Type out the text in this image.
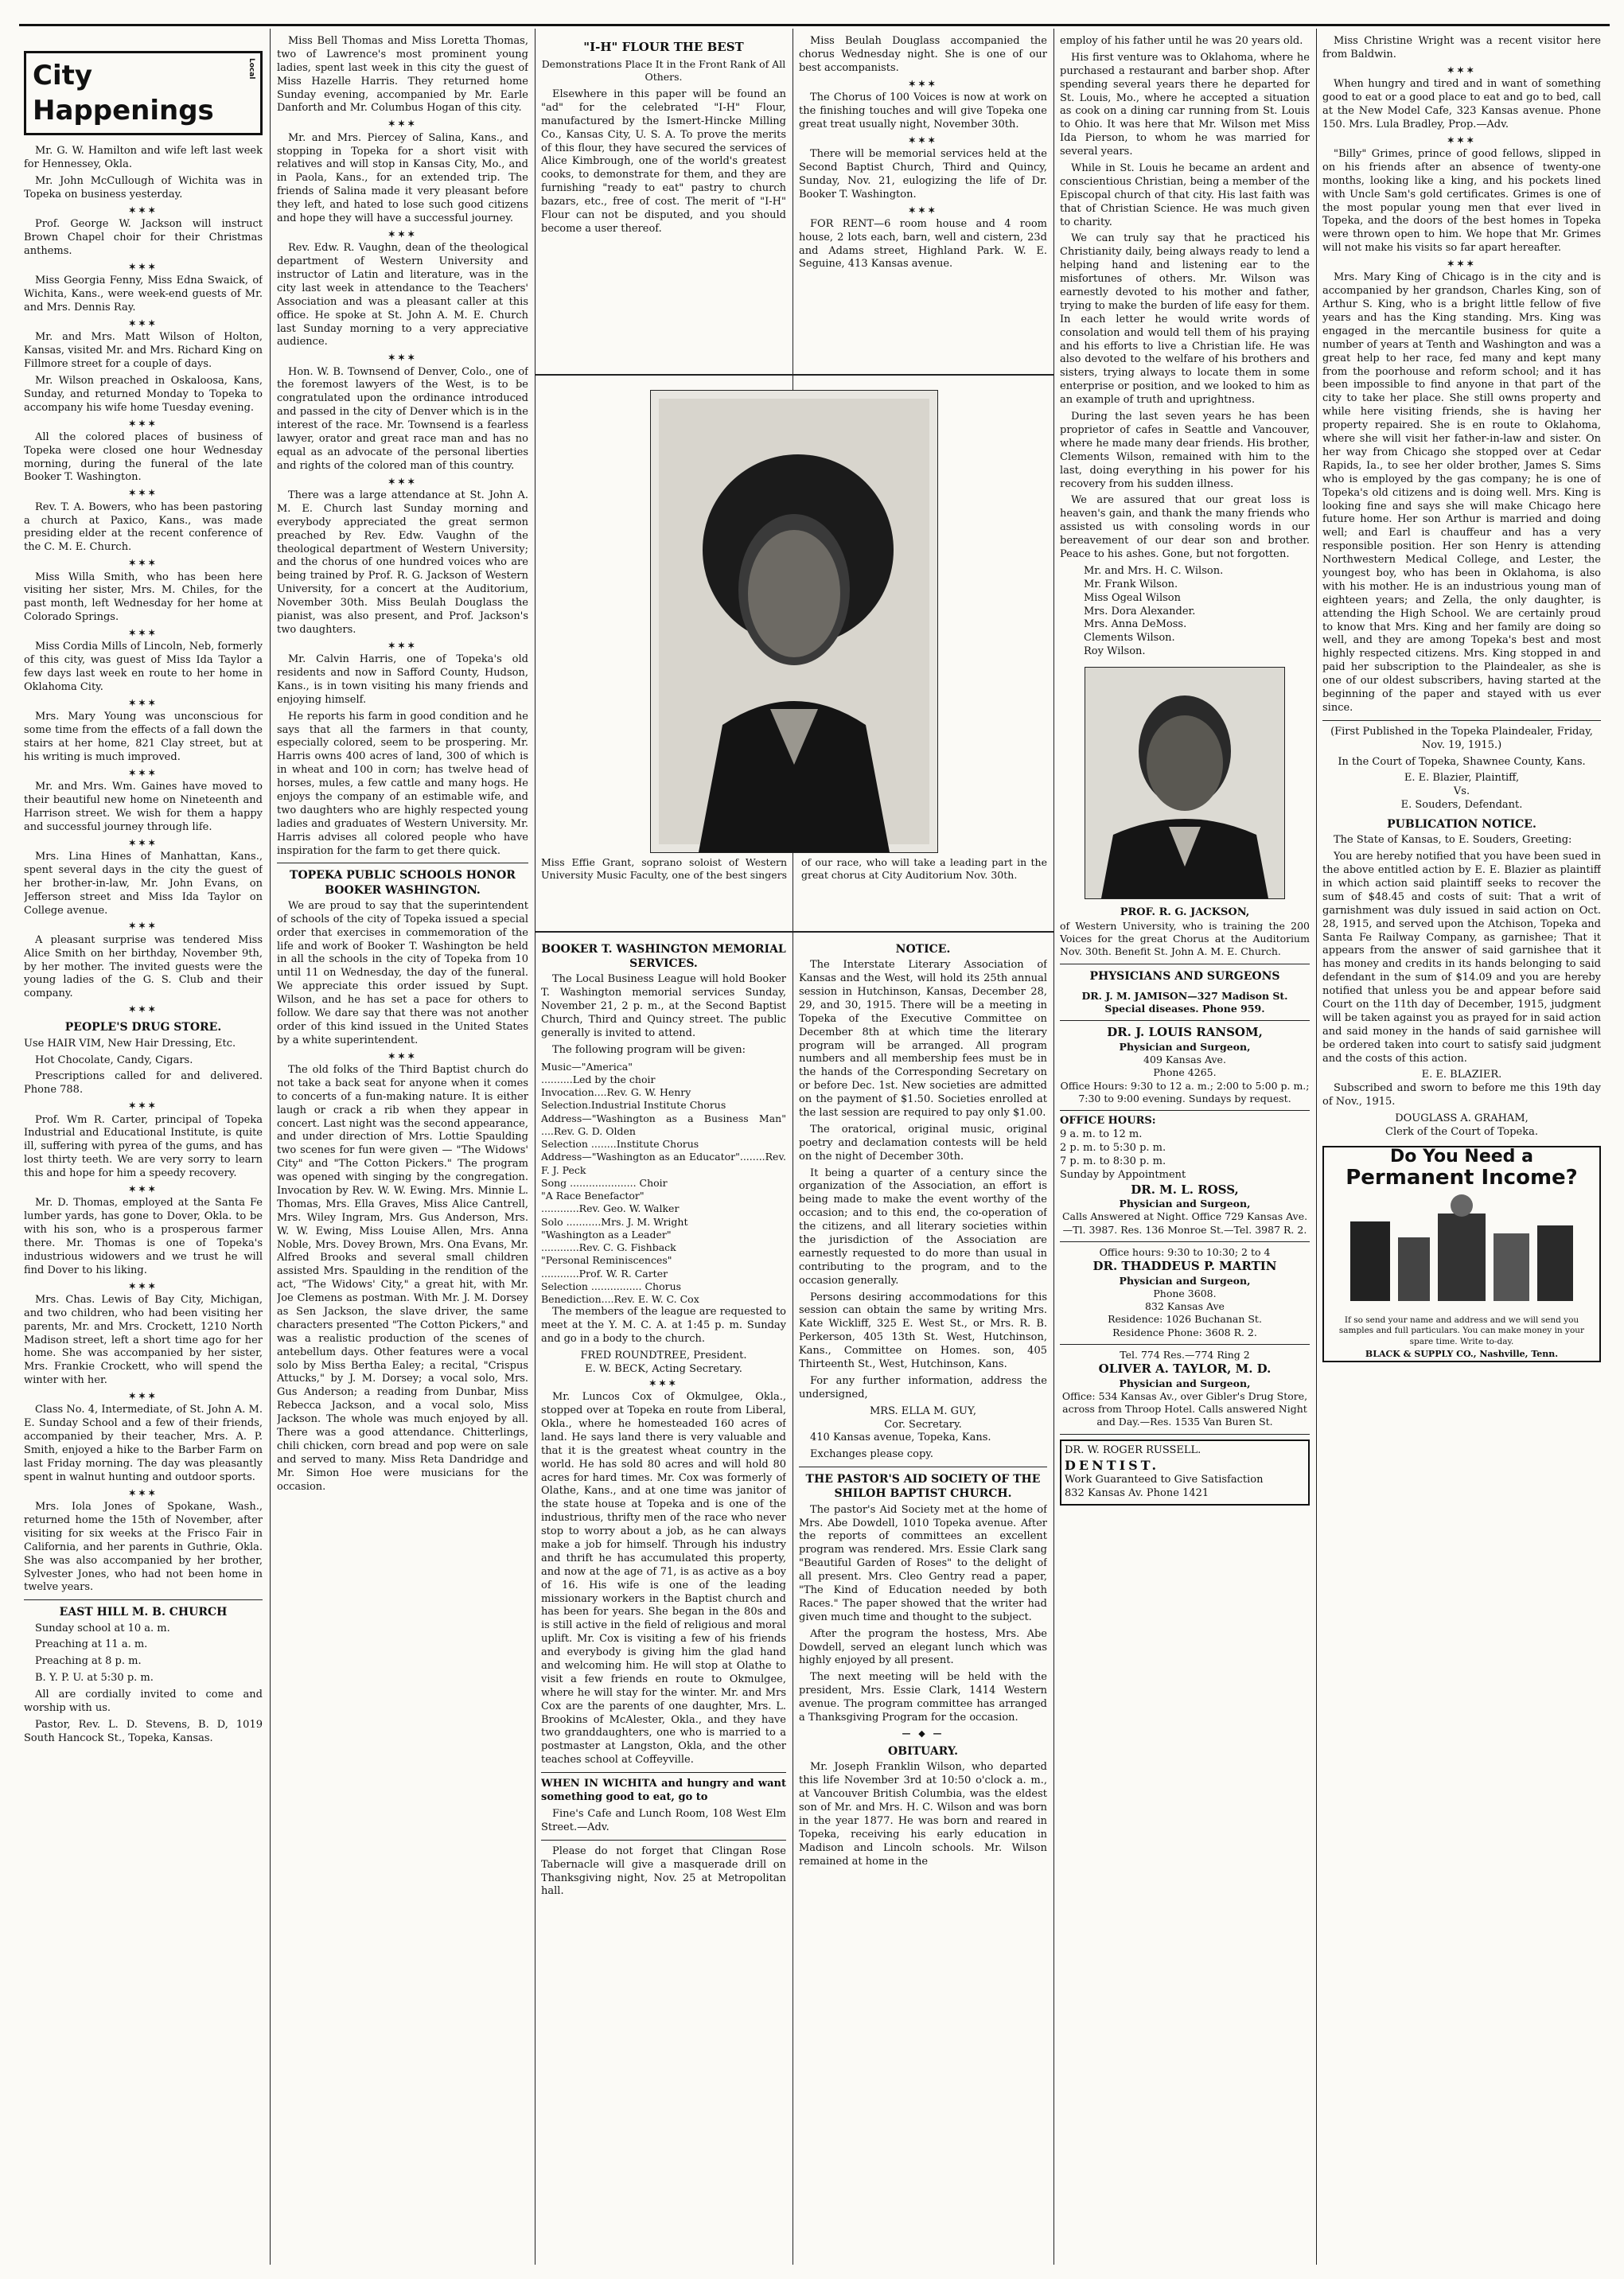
City Happenings
Local

Mr. G. W. Hamilton and wife left last week for Hennessey, Okla.

Mr. John McCullough of Wichita was in Topeka on business yesterday.

✶✶✶

Prof. George W. Jackson will instruct Brown Chapel choir for their Christmas anthems.

✶✶✶

Miss Georgia Fenny, Miss Edna Swaick, of Wichita, Kans., were week-end guests of Mr. and Mrs. Dennis Ray.

✶✶✶

Mr. and Mrs. Matt Wilson of Holton, Kansas, visited Mr. and Mrs. Richard King on Fillmore street for a couple of days.

Mr. Wilson preached in Oskaloosa, Kans, Sunday, and returned Monday to Topeka to accompany his wife home Tuesday evening.

✶✶✶

All the colored places of business of Topeka were closed one hour Wednesday morning, during the funeral of the late Booker T. Washington.

✶✶✶

Rev. T. A. Bowers, who has been pastoring a church at Paxico, Kans., was made presiding elder at the recent conference of the C. M. E. Church.

✶✶✶

Miss Willa Smith, who has been here visiting her sister, Mrs. M. Chiles, for the past month, left Wednesday for her home at Colorado Springs.

✶✶✶

Miss Cordia Mills of Lincoln, Neb, formerly of this city, was guest of Miss Ida Taylor a few days last week en route to her home in Oklahoma City.

✶✶✶

Mrs. Mary Young was unconscious for some time from the effects of a fall down the stairs at her home, 821 Clay street, but at his writing is much improved.

✶✶✶

Mr. and Mrs. Wm. Gaines have moved to their beautiful new home on Nineteenth and Harrison street. We wish for them a happy and successful journey through life.

✶✶✶

Mrs. Lina Hines of Manhattan, Kans., spent several days in the city the guest of her brother-in-law, Mr. John Evans, on Jefferson street and Miss Ida Taylor on College avenue.

✶✶✶

A pleasant surprise was tendered Miss Alice Smith on her birthday, November 9th, by her mother. The invited guests were the young ladies of the G. S. Club and their company.

✶✶✶
PEOPLE'S DRUG STORE.

Use HAIR VIM, New Hair Dressing, Etc.

Hot Chocolate, Candy, Cigars.

Prescriptions called for and delivered. Phone 788.

✶✶✶

Prof. Wm R. Carter, principal of Topeka Industrial and Educational Institute, is quite ill, suffering with pyrea of the gums, and has lost thirty teeth. We are very sorry to learn this and hope for him a speedy recovery.

✶✶✶

Mr. D. Thomas, employed at the Santa Fe lumber yards, has gone to Dover, Okla. to be with his son, who is a prosperous farmer there. Mr. Thomas is one of Topeka's industrious widowers and we trust he will find Dover to his liking.

✶✶✶

Mrs. Chas. Lewis of Bay City, Michigan, and two children, who had been visiting her parents, Mr. and Mrs. Crockett, 1210 North Madison street, left a short time ago for her home. She was accompanied by her sister, Mrs. Frankie Crockett, who will spend the winter with her.

✶✶✶

Class No. 4, Intermediate, of St. John A. M. E. Sunday School and a few of their friends, accompanied by their teacher, Mrs. A. P. Smith, enjoyed a hike to the Barber Farm on last Friday morning. The day was pleasantly spent in walnut hunting and outdoor sports.

✶✶✶

Mrs. Iola Jones of Spokane, Wash., returned home the 15th of November, after visiting for six weeks at the Frisco Fair in California, and her parents in Guthrie, Okla. She was also accompanied by her brother, Sylvester Jones, who had not been home in twelve years.

EAST HILL M. B. CHURCH

Sunday school at 10 a. m.

Preaching at 11 a. m.

Preaching at 8 p. m.

B. Y. P. U. at 5:30 p. m.

All are cordially invited to come and worship with us.

Pastor, Rev. L. D. Stevens, B. D, 1019 South Hancock St., Topeka, Kansas.

Miss Bell Thomas and Miss Loretta Thomas, two of Lawrence's most prominent young ladies, spent last week in this city the guest of Miss Hazelle Harris. They returned home Sunday evening, accompanied by Mr. Earle Danforth and Mr. Columbus Hogan of this city.

✶✶✶

Mr. and Mrs. Piercey of Salina, Kans., and stopping in Topeka for a short visit with relatives and will stop in Kansas City, Mo., and in Paola, Kans., for an extended trip. The friends of Salina made it very pleasant before they left, and hated to lose such good citizens and hope they will have a successful journey.

✶✶✶

Rev. Edw. R. Vaughn, dean of the theological department of Western University and instructor of Latin and literature, was in the city last week in attendance to the Teachers' Association and was a pleasant caller at this office. He spoke at St. John A. M. E. Church last Sunday morning to a very appreciative audience.

✶✶✶

Hon. W. B. Townsend of Denver, Colo., one of the foremost lawyers of the West, is to be congratulated upon the ordinance introduced and passed in the city of Denver which is in the interest of the race. Mr. Townsend is a fearless lawyer, orator and great race man and has no equal as an advocate of the personal liberties and rights of the colored man of this country.

✶✶✶

There was a large attendance at St. John A. M. E. Church last Sunday morning and everybody appreciated the great sermon preached by Rev. Edw. Vaughn of the theological department of Western University; and the chorus of one hundred voices who are being trained by Prof. R. G. Jackson of Western University, for a concert at the Auditorium, November 30th. Miss Beulah Douglass the pianist, was also present, and Prof. Jackson's two daughters.

✶✶✶

Mr. Calvin Harris, one of Topeka's old residents and now in Safford County, Hudson, Kans., is in town visiting his many friends and enjoying himself.

He reports his farm in good condition and he says that all the farmers in that county, especially colored, seem to be prospering. Mr. Harris owns 400 acres of land, 300 of which is in wheat and 100 in corn; has twelve head of horses, mules, a few cattle and many hogs. He enjoys the company of an estimable wife, and two daughters who are highly respected young ladies and graduates of Western University. Mr. Harris advises all colored people who have inspiration for the farm to get there quick.

TOPEKA PUBLIC SCHOOLS HONOR BOOKER WASHINGTON.

We are proud to say that the superintendent of schools of the city of Topeka issued a special order that exercises in commemoration of the life and work of Booker T. Washington be held in all the schools in the city of Topeka from 10 until 11 on Wednesday, the day of the funeral. We appreciate this order issued by Supt. Wilson, and he has set a pace for others to follow. We dare say that there was not another order of this kind issued in the United States by a white superintendent.

✶✶✶

The old folks of the Third Baptist church do not take a back seat for anyone when it comes to concerts of a fun-making nature. It is either laugh or crack a rib when they appear in concert. Last night was the second appearance, and under direction of Mrs. Lottie Spaulding two scenes for fun were given — "The Widows' City" and "The Cotton Pickers." The program was opened with singing by the congregation. Invocation by Rev. W. W. Ewing. Mrs. Minnie L. Thomas, Mrs. Ella Graves, Miss Alice Cantrell, Mrs. Wiley Ingram, Mrs. Gus Anderson, Mrs. W. W. Ewing, Miss Louise Allen, Mrs. Anna Noble, Mrs. Dovey Brown, Mrs. Ona Evans, Mr. Alfred Brooks and several small children assisted Mrs. Spaulding in the rendition of the act, "The Widows' City," a great hit, with Mr. Joe Clemens as postman. With Mr. J. M. Dorsey as Sen Jackson, the slave driver, the same characters presented "The Cotton Pickers," and was a realistic production of the scenes of antebellum days. Other features were a vocal solo by Miss Bertha Ealey; a recital, "Crispus Attucks," by J. M. Dorsey; a vocal solo, Mrs. Gus Anderson; a reading from Dunbar, Miss Rebecca Jackson, and a vocal solo, Miss Jackson. The whole was much enjoyed by all. There was a good attendance. Chitterlings, chili chicken, corn bread and pop were on sale and served to many. Miss Reta Dandridge and Mr. Simon Hoe were musicians for the occasion.

"I-H" FLOUR THE BEST
Demonstrations Place It in the Front Rank of All Others.

Elsewhere in this paper will be found an "ad" for the celebrated "I-H" Flour, manufactured by the Ismert-Hincke Milling Co., Kansas City, U. S. A. To prove the merits of this flour, they have secured the services of Alice Kimbrough, one of the world's greatest cooks, to demonstrate for them, and they are furnishing "ready to eat" pastry to church bazars, etc., free of cost. The merit of "I-H" Flour can not be disputed, and you should become a user thereof.

Miss Beulah Douglass accompanied the chorus Wednesday night. She is one of our best accompanists.

✶✶✶

The Chorus of 100 Voices is now at work on the finishing touches and will give Topeka one great treat usually night, November 30th.

✶✶✶

There will be memorial services held at the Second Baptist Church, Third and Quincy, Sunday, Nov. 21, eulogizing the life of Dr. Booker T. Washington.

✶✶✶

FOR RENT—6 room house and 4 room house, 2 lots each, barn, well and cistern, 23d and Adams street, Highland Park. W. E. Seguine, 413 Kansas avenue.

Miss Effie Grant, soprano soloist of Western University Music Faculty, one of the best singers of our race, who will take a leading part in the great chorus at City Auditorium Nov. 30th.
BOOKER T. WASHINGTON MEMORIAL SERVICES.

The Local Business League will hold Booker T. Washington memorial services Sunday, November 21, 2 p. m., at the Second Baptist Church, Third and Quincy street. The public generally is invited to attend.

The following program will be given:

Music—"America"
..........Led by the choir
Invocation....Rev. G. W. Henry
Selection.Industrial Institute Chorus
Address—"Washington as a Business Man" ....Rev. G. D. Olden
Selection ........Institute Chorus
Address—"Washington as an Educator"........Rev. F. J. Peck
Song ..................... Choir
"A Race Benefactor"
............Rev. Geo. W. Walker
Solo ...........Mrs. J. M. Wright
"Washington as a Leader"
............Rev. C. G. Fishback
"Personal Reminiscences"
............Prof. W. R. Carter
Selection ................ Chorus
Benediction....Rev. E. W. C. Cox

The members of the league are requested to meet at the Y. M. C. A. at 1:45 p. m. Sunday and go in a body to the church.

FRED ROUNDTREE, President.
E. W. BECK, Acting Secretary.
✶✶✶

Mr. Luncos Cox of Okmulgee, Okla., stopped over at Topeka en route from Liberal, Okla., where he homesteaded 160 acres of land. He says land there is very valuable and that it is the greatest wheat country in the world. He has sold 80 acres and will hold 80 acres for hard times. Mr. Cox was formerly of Olathe, Kans., and at one time was janitor of the state house at Topeka and is one of the industrious, thrifty men of the race who never stop to worry about a job, as he can always make a job for himself. Through his industry and thrift he has accumulated this property, and now at the age of 71, is as active as a boy of 16. His wife is one of the leading missionary workers in the Baptist church and has been for years. She began in the 80s and is still active in the field of religious and moral uplift. Mr. Cox is visiting a few of his friends and everybody is giving him the glad hand and welcoming him. He will stop at Olathe to visit a few friends en route to Okmulgee, where he will stay for the winter. Mr. and Mrs Cox are the parents of one daughter, Mrs. L. Brookins of McAlester, Okla., and they have two granddaughters, one who is married to a postmaster at Langston, Okla, and the other teaches school at Coffeyville.

WHEN IN WICHITA and hungry and want something good to eat, go to

Fine's Cafe and Lunch Room, 108 West Elm Street.—Adv.

Please do not forget that Clingan Rose Tabernacle will give a masquerade drill on Thanksgiving night, Nov. 25 at Metropolitan hall.

NOTICE.

The Interstate Literary Association of Kansas and the West, will hold its 25th annual session in Hutchinson, Kansas, December 28, 29, and 30, 1915. There will be a meeting in Topeka of the Executive Committee on December 8th at which time the literary program will be arranged. All program numbers and all membership fees must be in the hands of the Corresponding Secretary on or before Dec. 1st. New societies are admitted on the payment of $1.50. Societies enrolled at the last session are required to pay only $1.00.

The oratorical, original music, original poetry and declamation contests will be held on the night of December 30th.

It being a quarter of a century since the organization of the Association, an effort is being made to make the event worthy of the occasion; and to this end, the co-operation of the citizens, and all literary societies within the jurisdiction of the Association are earnestly requested to do more than usual in contributing to the program, and to the occasion generally.

Persons desiring accommodations for this session can obtain the same by writing Mrs. Kate Wickliff, 325 E. West St., or Mrs. R. B. Perkerson, 405 13th St. West, Hutchinson, Kans., Committee on Homes. son, 405 Thirteenth St., West, Hutchinson, Kans.

For any further information, address the undersigned,

MRS. ELLA M. GUY,
Cor. Secretary.

410 Kansas avenue, Topeka, Kans.

Exchanges please copy.

THE PASTOR'S AID SOCIETY OF THE SHILOH BAPTIST CHURCH.

The pastor's Aid Society met at the home of Mrs. Abe Dowdell, 1010 Topeka avenue. After the reports of committees an excellent program was rendered. Mrs. Essie Clark sang "Beautiful Garden of Roses" to the delight of all present. Mrs. Cleo Gentry read a paper, "The Kind of Education needed by both Races." The paper showed that the writer had given much time and thought to the subject.

After the program the hostess, Mrs. Abe Dowdell, served an elegant lunch which was highly enjoyed by all present.

The next meeting will be held with the president, Mrs. Essie Clark, 1414 Western avenue. The program committee has arranged a Thanksgiving Program for the occasion.

— ◆ —
OBITUARY.

Mr. Joseph Franklin Wilson, who departed this life November 3rd at 10:50 o'clock a. m., at Vancouver British Columbia, was the eldest son of Mr. and Mrs. H. C. Wilson and was born in the year 1877. He was born and reared in Topeka, receiving his early education in Madison and Lincoln schools. Mr. Wilson remained at home in the

employ of his father until he was 20 years old.

His first venture was to Oklahoma, where he purchased a restaurant and barber shop. After spending several years there he departed for St. Louis, Mo., where he accepted a situation as cook on a dining car running from St. Louis to Ohio. It was here that Mr. Wilson met Miss Ida Pierson, to whom he was married for several years.

While in St. Louis he became an ardent and conscientious Christian, being a member of the Episcopal church of that city. His last faith was that of Christian Science. He was much given to charity.

We can truly say that he practiced his Christianity daily, being always ready to lend a helping hand and listening ear to the misfortunes of others. Mr. Wilson was earnestly devoted to his mother and father, trying to make the burden of life easy for them. In each letter he would write words of consolation and would tell them of his praying and his efforts to live a Christian life. He was also devoted to the welfare of his brothers and sisters, trying always to locate them in some enterprise or position, and we looked to him as an example of truth and uprightness.

During the last seven years he has been proprietor of cafes in Seattle and Vancouver, where he made many dear friends. His brother, Clements Wilson, remained with him to the last, doing everything in his power for his recovery from his sudden illness.

We are assured that our great loss is heaven's gain, and thank the many friends who assisted us with consoling words in our bereavement of our dear son and brother. Peace to his ashes. Gone, but not forgotten.

Mr. and Mrs. H. C. Wilson.
Mr. Frank Wilson.
Miss Ogeal Wilson
Mrs. Dora Alexander.
Mrs. Anna DeMoss.
Clements Wilson.
Roy Wilson.
PROF. R. G. JACKSON,
of Western University, who is training the 200 Voices for the great Chorus at the Auditorium Nov. 30th. Benefit St. John A. M. E. Church.
PHYSICIANS AND SURGEONS
DR. J. M. JAMISON—327 Madison St. Special diseases. Phone 959.
DR. J. LOUIS RANSOM,
Physician and Surgeon,
409 Kansas Ave.
Phone 4265.
Office Hours: 9:30 to 12 a. m.; 2:00 to 5:00 p. m.; 7:30 to 9:00 evening. Sundays by request.
OFFICE HOURS:
9 a. m. to 12 m.
2 p. m. to 5:30 p. m.
7 p. m. to 8:30 p. m.
Sunday by Appointment
DR. M. L. ROSS,
Physician and Surgeon,
Calls Answered at Night. Office 729 Kansas Ave.—Tl. 3987. Res. 136 Monroe St.—Tel. 3987 R. 2.
Office hours: 9:30 to 10:30; 2 to 4
DR. THADDEUS P. MARTIN
Physician and Surgeon,
Phone 3608.
832 Kansas Ave
Residence: 1026 Buchanan St.
Residence Phone: 3608 R. 2.
Tel. 774 Res.—774 Ring 2
OLIVER A. TAYLOR, M. D.
Physician and Surgeon,
Office: 534 Kansas Av., over Gibler's Drug Store, across from Throop Hotel. Calls answered Night and Day.—Res. 1535 Van Buren St.
DR. W. ROGER RUSSELL.
DENTIST.
Work Guaranteed to Give Satisfaction
832 Kansas Av. Phone 1421

Miss Christine Wright was a recent visitor here from Baldwin.

✶✶✶

When hungry and tired and in want of something good to eat or a good place to eat and go to bed, call at the New Model Cafe, 323 Kansas avenue. Phone 150. Mrs. Lula Bradley, Prop.—Adv.

✶✶✶

"Billy" Grimes, prince of good fellows, slipped in on his friends after an absence of twenty-one months, looking like a king, and his pockets lined with Uncle Sam's gold certificates. Grimes is one of the most popular young men that ever lived in Topeka, and the doors of the best homes in Topeka were thrown open to him. We hope that Mr. Grimes will not make his visits so far apart hereafter.

✶✶✶

Mrs. Mary King of Chicago is in the city and is accompanied by her grandson, Charles King, son of Arthur S. King, who is a bright little fellow of five years and has the King standing. Mrs. King was engaged in the mercantile business for quite a number of years at Tenth and Washington and was a great help to her race, fed many and kept many from the poorhouse and reform school; and it has been impossible to find anyone in that part of the city to take her place. She still owns property and while here visiting friends, she is having her property repaired. She is en route to Oklahoma, where she will visit her father-in-law and sister. On her way from Chicago she stopped over at Cedar Rapids, Ia., to see her older brother, James S. Sims who is employed by the gas company; he is one of Topeka's old citizens and is doing well. Mrs. King is looking fine and says she will make Chicago here future home. Her son Arthur is married and doing well; and Earl is chauffeur and has a very responsible position. Her son Henry is attending Northwestern Medical College, and Lester, the youngest boy, who has been in Oklahoma, is also with his mother. He is an industrious young man of eighteen years; and Zella, the only daughter, is attending the High School. We are certainly proud to know that Mrs. King and her family are doing so well, and they are among Topeka's best and most highly respected citizens. Mrs. King stopped in and paid her subscription to the Plaindealer, as she is one of our oldest subscribers, having started at the beginning of the paper and stayed with us ever since.

(First Published in the Topeka Plaindealer, Friday, Nov. 19, 1915.)

In the Court of Topeka, Shawnee County, Kans.

E. E. Blazier, Plaintiff,
Vs.
E. Souders, Defendant.
PUBLICATION NOTICE.

The State of Kansas, to E. Souders, Greeting:

You are hereby notified that you have been sued in the above entitled action by E. E. Blazier as plaintiff in which action said plaintiff seeks to recover the sum of $48.45 and costs of suit: That a writ of garnishment was duly issued in said action on Oct. 28, 1915, and served upon the Atchison, Topeka and Santa Fe Railway Company, as garnishee; That it appears from the answer of said garnishee that it has money and credits in its hands belonging to said defendant in the sum of $14.09 and you are hereby notified that unless you be and appear before said Court on the 11th day of December, 1915, judgment will be taken against you as prayed for in said action and said money in the hands of said garnishee will be ordered taken into court to satisfy said judgment and the costs of this action.

E. E. BLAZIER.

Subscribed and sworn to before me this 19th day of Nov., 1915.

DOUGLASS A. GRAHAM,
Clerk of the Court of Topeka.
Do You Need a
Permanent Income?
If so send your name and address and we will send you samples and full particulars. You can make money in your spare time. Write to-day.
BLACK & SUPPLY CO., Nashville, Tenn.
